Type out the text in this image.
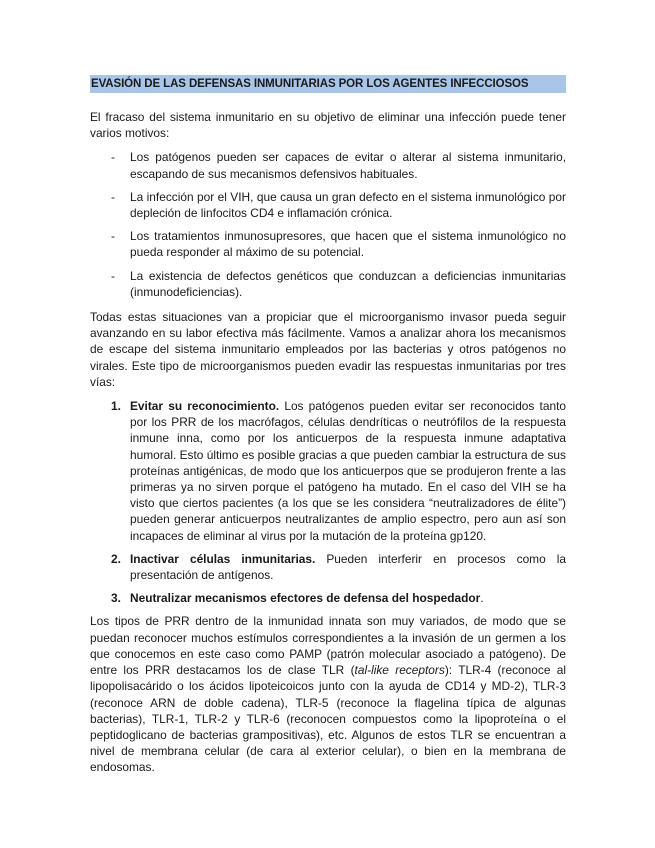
EVASIÓN DE LAS DEFENSAS INMUNITARIAS POR LOS AGENTES INFECCIOSOS

El fracaso del sistema inmunitario en su objetivo de eliminar una infección puede tener varios motivos:

- Los patógenos pueden ser capaces de evitar o alterar al sistema inmunitario, escapando de sus mecanismos defensivos habituales.
- La infección por el VIH, que causa un gran defecto en el sistema inmunológico por depleción de linfocitos CD4 e inflamación crónica.
- Los tratamientos inmunosupresores, que hacen que el sistema inmunológico no pueda responder al máximo de su potencial.
- La existencia de defectos genéticos que conduzcan a deficiencias inmunitarias (inmunodeficiencias).

Todas estas situaciones van a propiciar que el microorganismo invasor pueda seguir avanzando en su labor efectiva más fácilmente. Vamos a analizar ahora los mecanismos de escape del sistema inmunitario empleados por las bacterias y otros patógenos no virales. Este tipo de microorganismos pueden evadir las respuestas inmunitarias por tres vías:

1. Evitar su reconocimiento. Los patógenos pueden evitar ser reconocidos tanto por los PRR de los macrófagos, células dendríticas o neutrófilos de la respuesta inmune inna, como por los anticuerpos de la respuesta inmune adaptativa humoral. Esto último es posible gracias a que pueden cambiar la estructura de sus proteínas antigénicas, de modo que los anticuerpos que se produjeron frente a las primeras ya no sirven porque el patógeno ha mutado. En el caso del VIH se ha visto que ciertos pacientes (a los que se les considera “neutralizadores de élite”) pueden generar anticuerpos neutralizantes de amplio espectro, pero aun así son incapaces de eliminar al virus por la mutación de la proteína gp120.
2. Inactivar células inmunitarias. Pueden interferir en procesos como la presentación de antígenos.
3. Neutralizar mecanismos efectores de defensa del hospedador.

Los tipos de PRR dentro de la inmunidad innata son muy variados, de modo que se puedan reconocer muchos estímulos correspondientes a la invasión de un germen a los que conocemos en este caso como PAMP (patrón molecular asociado a patógeno). De entre los PRR destacamos los de clase TLR (tal-like receptors): TLR-4 (reconoce al lipopolisacárido o los ácidos lipoteicoicos junto con la ayuda de CD14 y MD-2), TLR-3 (reconoce ARN de doble cadena), TLR-5 (reconoce la flagelina típica de algunas bacterias), TLR-1, TLR-2 y TLR-6 (reconocen compuestos como la lipoproteína o el peptidoglicano de bacterias grampositivas), etc. Algunos de estos TLR se encuentran a nivel de membrana celular (de cara al exterior celular), o bien en la membrana de endosomas.
